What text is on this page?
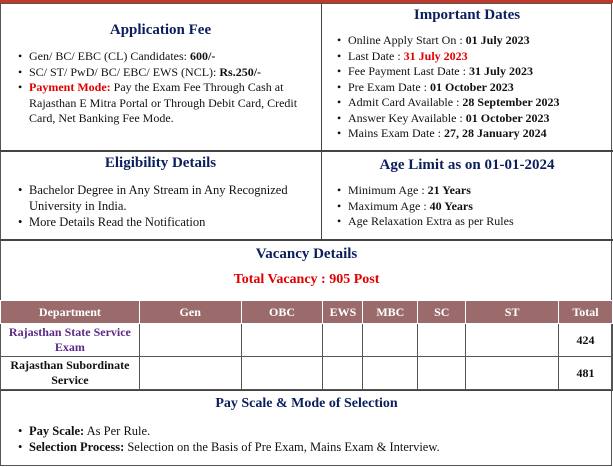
Application Fee
• Gen/ BC/ EBC (CL) Candidates: 600/-
• SC/ ST/ PwD/ BC/ EBC/ EWS (NCL): Rs.250/-
• Payment Mode: Pay the Exam Fee Through Cash at Rajasthan E Mitra Portal or Through Debit Card, Credit Card, Net Banking Fee Mode.
Important Dates
• Online Apply Start On : 01 July 2023
• Last Date : 31 July 2023
• Fee Payment Last Date : 31 July 2023
• Pre Exam Date : 01 October 2023
• Admit Card Available : 28 September 2023
• Answer Key Available : 01 October 2023
• Mains Exam Date : 27, 28 January 2024
Eligibility Details
• Bachelor Degree in Any Stream in Any Recognized University in India.
• More Details Read the Notification
Age Limit as on 01-01-2024
• Minimum Age : 21 Years
• Maximum Age : 40 Years
• Age Relaxation Extra as per Rules
Vacancy Details
Total Vacancy : 905 Post
Department	Gen	OBC	EWS	MBC	SC	ST	Total
Rajasthan State Service Exam							424
Rajasthan Subordinate Service							481
Pay Scale & Mode of Selection
• Pay Scale: As Per Rule.
• Selection Process: Selection on the Basis of Pre Exam, Mains Exam & Interview.
